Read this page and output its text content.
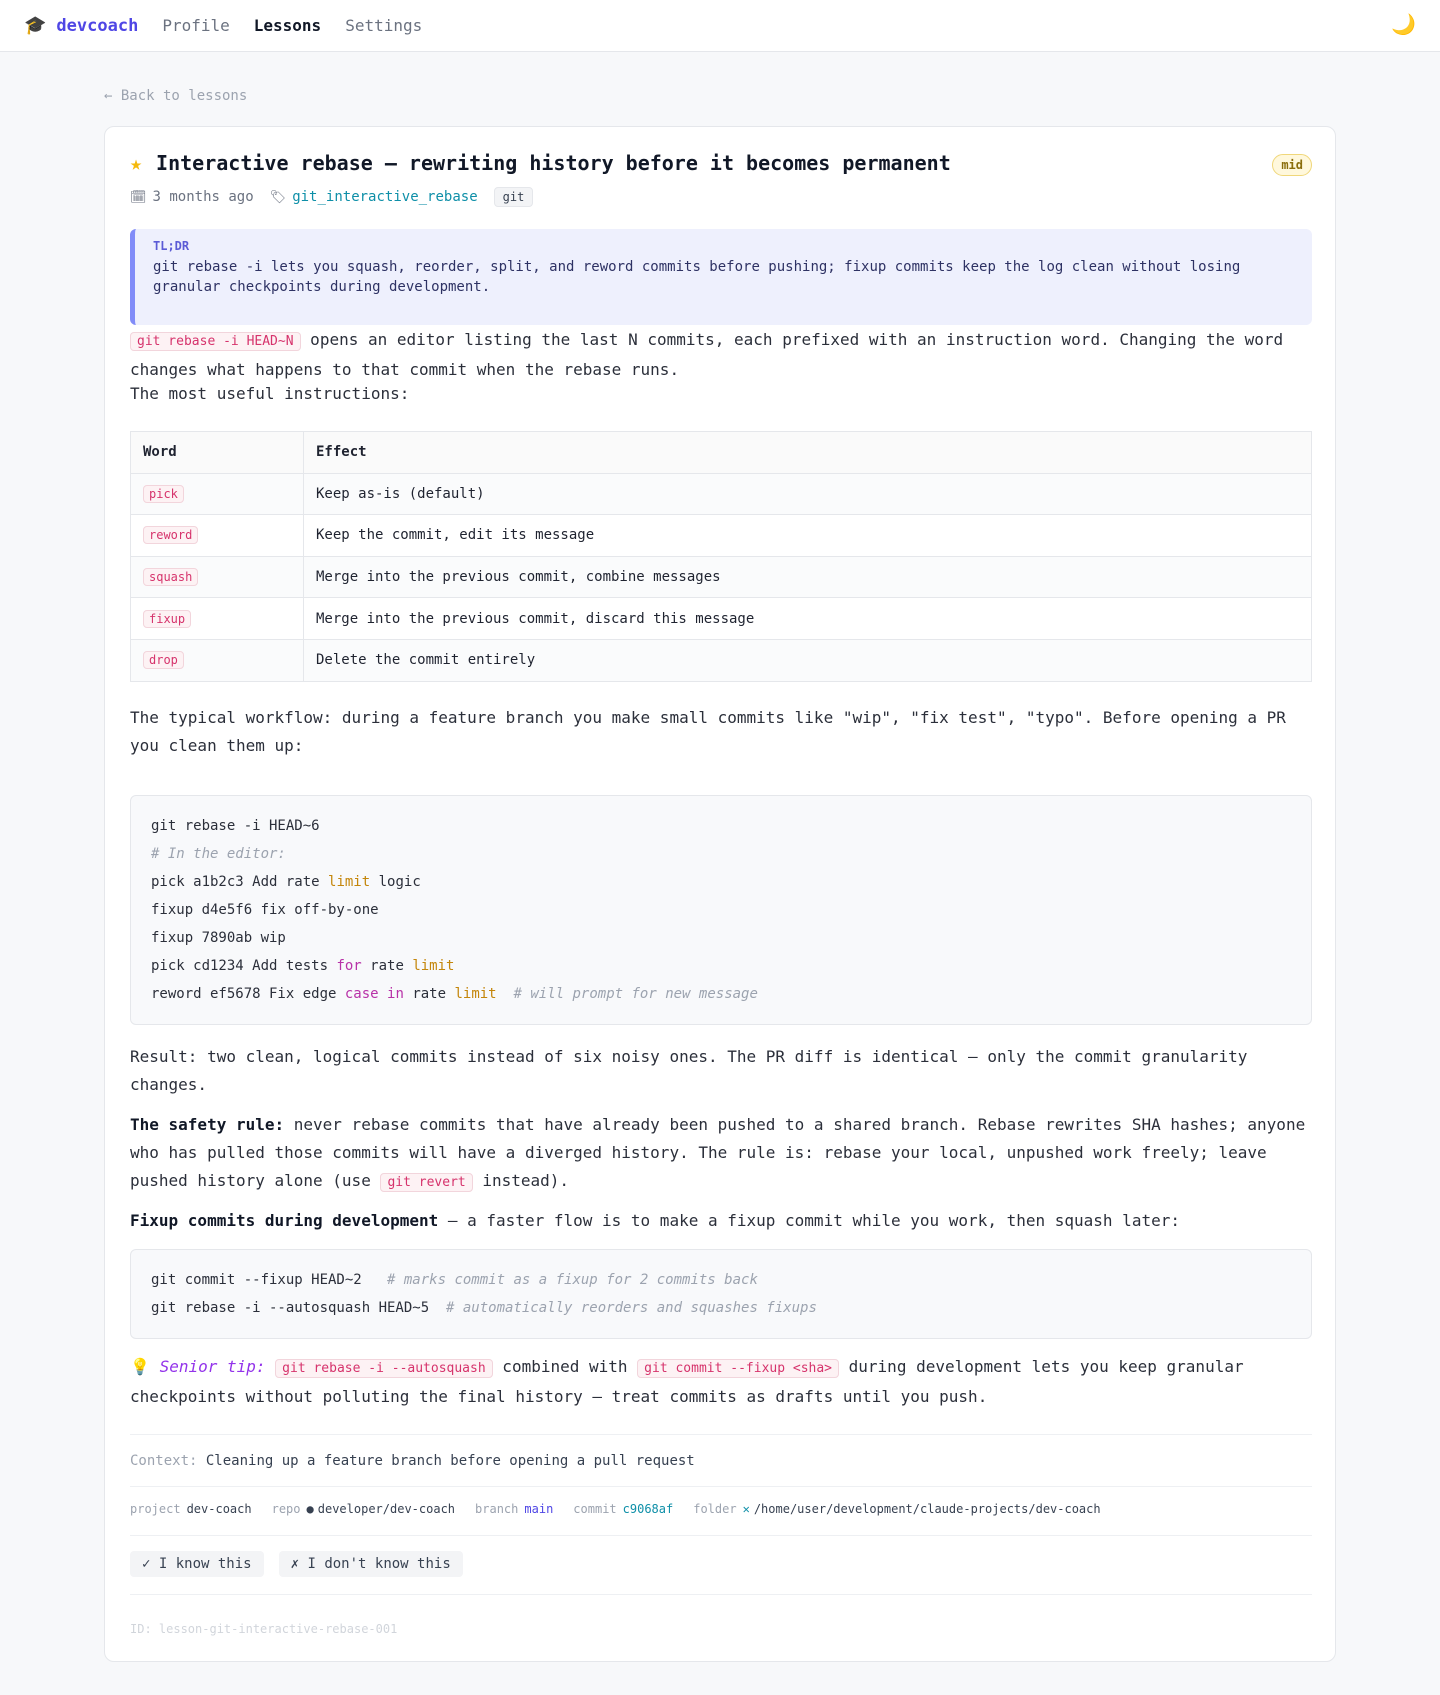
🎓 devcoach Profile Lessons Settings	🌙
← Back to lessons
★ Interactive rebase — rewriting history before it becomes permanent	mid
🗓 3 months ago 🏷 git_interactive_rebase	git
TL;DR
git rebase -i lets you squash, reorder, split, and reword commits before pushing; fixup commits keep the log clean without losing granular checkpoints during development.

git rebase -i HEAD~N opens an editor listing the last N commits, each prefixed with an instruction word. Changing the word changes what happens to that commit when the rebase runs.

The most useful instructions:

Word	Effect
pick	Keep as-is (default)
reword	Keep the commit, edit its message
squash	Merge into the previous commit, combine messages
fixup	Merge into the previous commit, discard this message
drop	Delete the commit entirely

The typical workflow: during a feature branch you make small commits like "wip", "fix test", "typo". Before opening a PR you clean them up:

git rebase -i HEAD~6
# In the editor:
pick a1b2c3 Add rate limit logic
fixup d4e5f6 fix off-by-one
fixup 7890ab wip
pick cd1234 Add tests for rate limit
reword ef5678 Fix edge case in rate limit # will prompt for new message

Result: two clean, logical commits instead of six noisy ones. The PR diff is identical — only the commit granularity changes.

The safety rule: never rebase commits that have already been pushed to a shared branch. Rebase rewrites SHA hashes; anyone who has pulled those commits will have a diverged history. The rule is: rebase your local, unpushed work freely; leave pushed history alone (use git revert instead).

Fixup commits during development — a faster flow is to make a fixup commit while you work, then squash later:

git commit --fixup HEAD~2   # marks commit as a fixup for 2 commits back
git rebase -i --autosquash HEAD~5  # automatically reorders and squashes fixups

💡 Senior tip: git rebase -i --autosquash combined with git commit --fixup <sha> during development lets you keep granular checkpoints without polluting the final history — treat commits as drafts until you push.

Context: Cleaning up a feature branch before opening a pull request
project dev-coach repo ● developer/dev-coach branch main commit c9068af folder ✕ /home/user/development/claude-projects/dev-coach
✓ I know this	✗ I don't know this
ID: lesson-git-interactive-rebase-001
